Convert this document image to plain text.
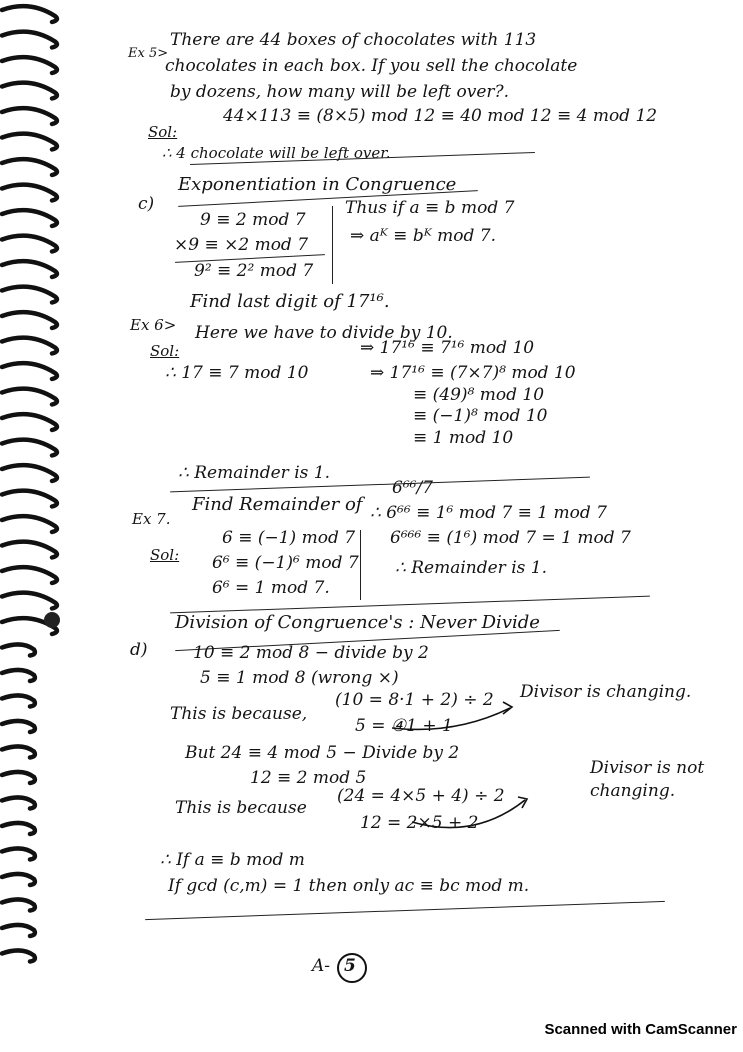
Ex 5>
There are 44 boxes of chocolates with 113
chocolates in each box. If you sell the chocolate
by dozens, how many will be left over?.
Sol:
44×113 ≡ (8×5) mod 12 ≡ 40 mod 12 ≡ 4 mod 12
∴ 4 chocolate will be left over.
c)
Exponentiation in Congruence
9 ≡ 2 mod 7
×9 ≡ ×2 mod 7
9² ≡ 2² mod 7
Thus if a ≡ b mod 7
⇒ aᴷ ≡ bᴷ mod 7.
Ex 6>
Find last digit of 17¹⁶.
Sol:
Here we have to divide by 10.
∴ 17 ≡ 7 mod 10
⇒ 17¹⁶ ≡ 7¹⁶ mod 10
⇒ 17¹⁶ ≡ (7×7)⁸ mod 10
≡ (49)⁸ mod 10
≡ (−1)⁸ mod 10
≡ 1 mod 10
∴ Remainder is 1.
Ex 7.
Find Remainder of
6⁶⁶/7
Sol:
6 ≡ (−1) mod 7
6⁶ ≡ (−1)⁶ mod 7
6⁶ = 1 mod 7.
∴ 6⁶⁶ ≡ 1⁶ mod 7 ≡ 1 mod 7
6⁶⁶⁶ ≡ (1⁶) mod 7 = 1 mod 7
∴ Remainder is 1.
d)
Division of Congruence's : Never Divide
10 ≡ 2 mod 8 − divide by 2
5 ≡ 1 mod 8 (wrong ×)
This is because,
(10 = 8·1 + 2) ÷ 2
5 = ④1 + 1
Divisor is changing.
But 24 ≡ 4 mod 5 − Divide by 2
12 ≡ 2 mod 5
This is because
(24 = 4×5 + 4) ÷ 2
12 = 2×5 + 2
Divisor is not
changing.
∴ If a ≡ b mod m
If gcd (c,m) = 1 then only ac ≡ bc mod m.
A- 5
Scanned with CamScanner
